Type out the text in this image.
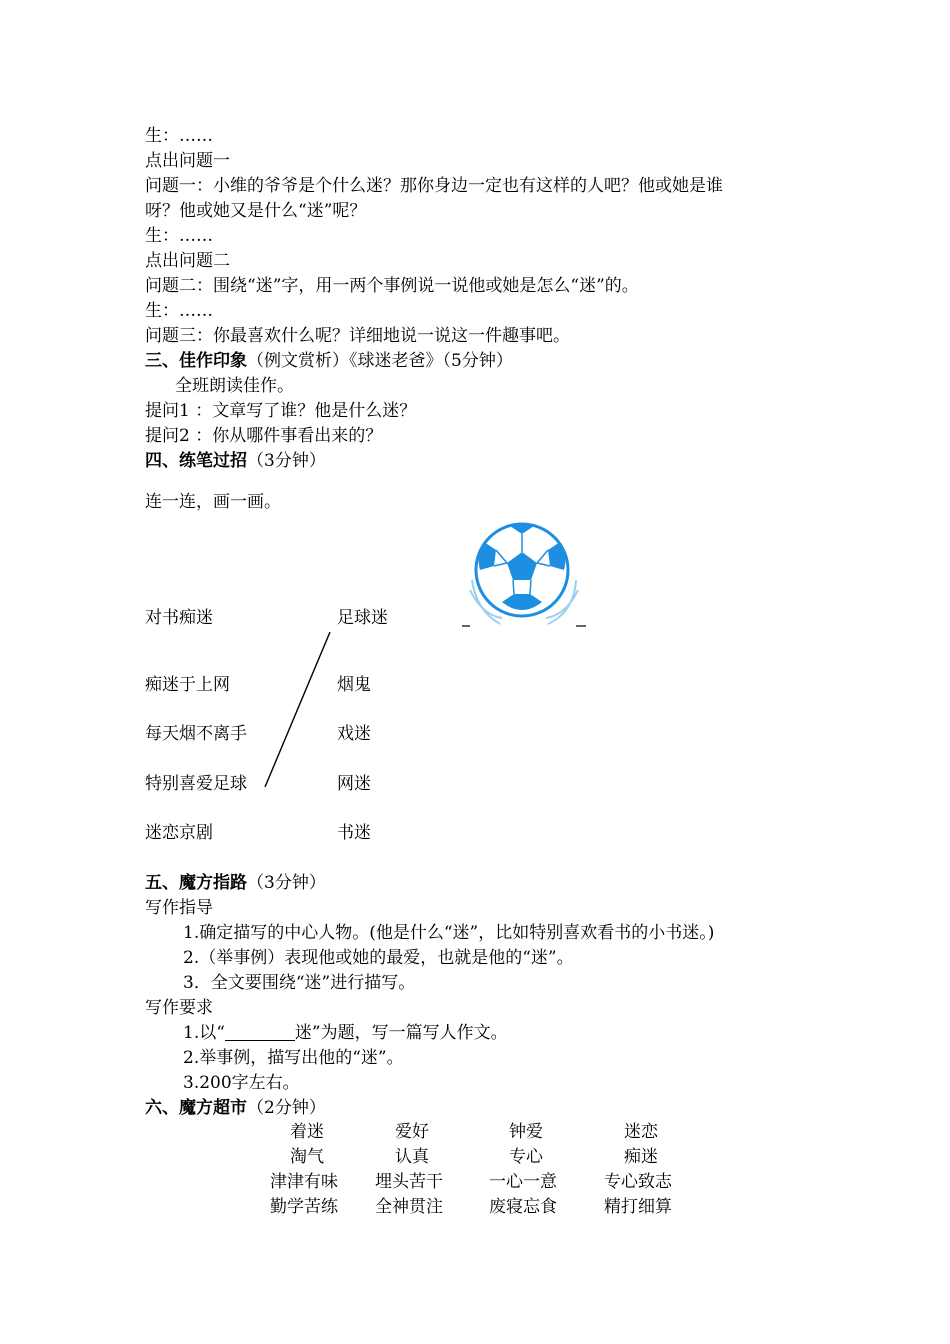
生：……
点出问题一
问题一：小维的爷爷是个什么迷？那你身边一定也有这样的人吧？他或她是谁
呀？他或她又是什么“迷”呢？
生：……
点出问题二
问题二：围绕“迷”字，用一两个事例说一说他或她是怎么“迷”的。
生：……
问题三：你最喜欢什么呢？详细地说一说这一件趣事吧。
三、佳作印象（例文赏析）《球迷老爸》（5分钟）
全班朗读佳作。
提问1 ：文章写了谁？他是什么迷？
提问2 ：你从哪件事看出来的？
四、练笔过招（3分钟）
连一连，画一画。
对书痴迷
痴迷于上网
每天烟不离手
特别喜爱足球
迷恋京剧
足球迷
烟鬼
戏迷
网迷
书迷
五、魔方指路（3分钟）
写作指导
1.确定描写的中心人物。(他是什么“迷”，比如特别喜欢看书的小书迷。)
2.（举事例）表现他或她的最爱，也就是他的“迷”。
3．全文要围绕“迷”进行描写。
写作要求
1.以“	迷”为题，写一篇写人作文。
2.举事例，描写出他的“迷”。
3.200字左右。
六、魔方超市（2分钟）
着迷	爱好	钟爱	迷恋
淘气	认真	专心	痴迷
津津有味 埋头苦干	一心一意	专心致志
勤学苦练 全神贯注	废寝忘食	精打细算
